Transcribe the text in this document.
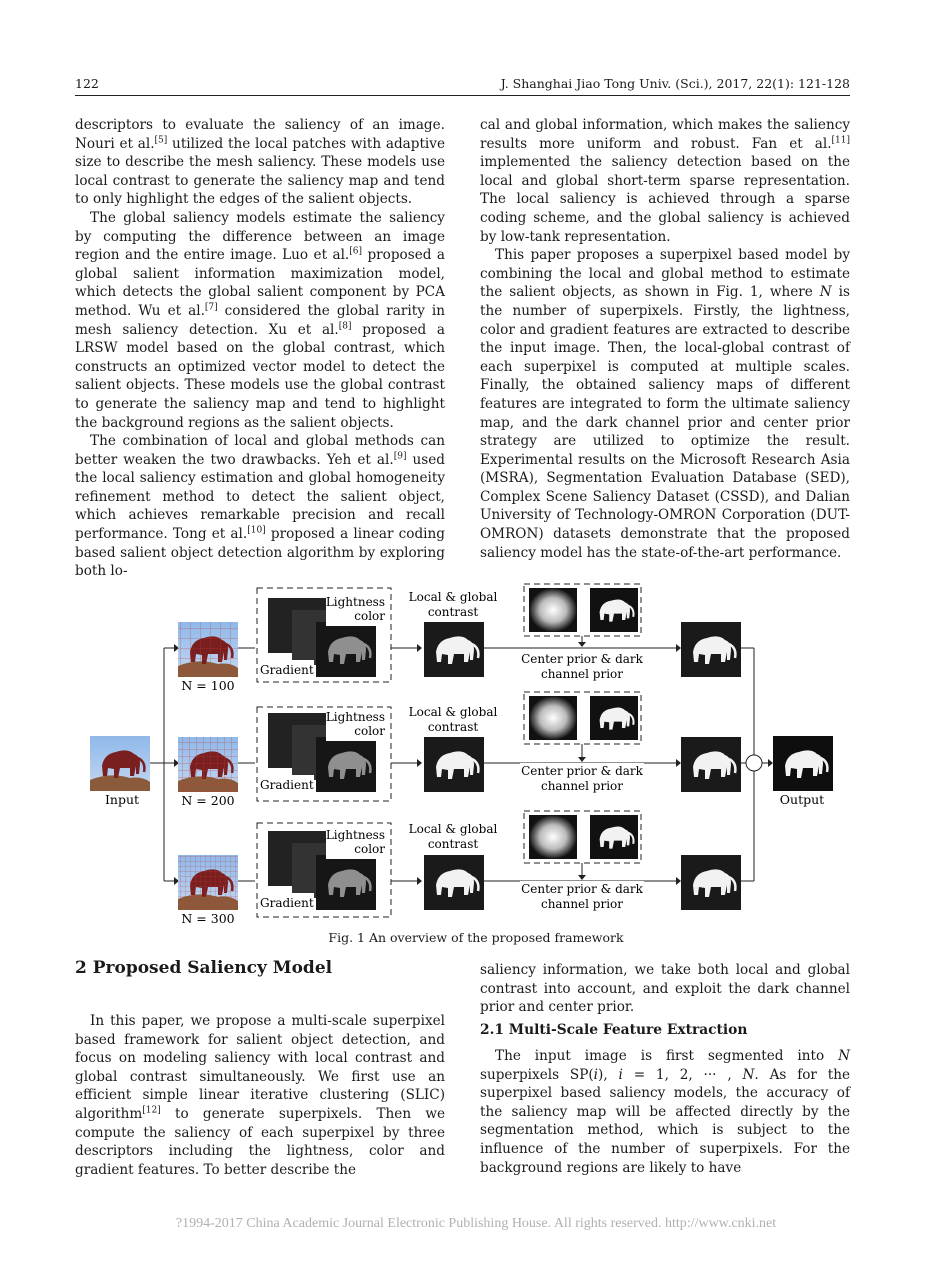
122	J. Shanghai Jiao Tong Univ. (Sci.), 2017, 22(1): 121-128

descriptors to evaluate the saliency of an image. Nouri et al.[5] utilized the local patches with adaptive size to describe the mesh saliency. These models use local contrast to generate the saliency map and tend to only highlight the edges of the salient objects.

The global saliency models estimate the saliency by computing the difference between an image region and the entire image. Luo et al.[6] proposed a global salient information maximization model, which detects the global salient component by PCA method. Wu et al.[7] considered the global rarity in mesh saliency detection. Xu et al.[8] proposed a LRSW model based on the global contrast, which constructs an optimized vector model to detect the salient objects. These models use the global contrast to generate the saliency map and tend to highlight the background regions as the salient objects.

The combination of local and global methods can better weaken the two drawbacks. Yeh et al.[9] used the local saliency estimation and global homogeneity refinement method to detect the salient object, which achieves remarkable precision and recall performance. Tong et al.[10] proposed a linear coding based salient object detection algorithm by exploring both lo-

cal and global information, which makes the saliency results more uniform and robust. Fan et al.[11] implemented the saliency detection based on the local and global short-term sparse representation. The local saliency is achieved through a sparse coding scheme, and the global saliency is achieved by low-tank representation.

This paper proposes a superpixel based model by combining the local and global method to estimate the salient objects, as shown in Fig. 1, where N is the number of superpixels. Firstly, the lightness, color and gradient features are extracted to describe the input image. Then, the local-global contrast of each superpixel is computed at multiple scales. Finally, the obtained saliency maps of different features are integrated to form the ultimate saliency map, and the dark channel prior and center prior strategy are utilized to optimize the result. Experimental results on the Microsoft Research Asia (MSRA), Segmentation Evaluation Database (SED), Complex Scene Saliency Dataset (CSSD), and Dalian University of Technology-OMRON Corporation (DUT-OMRON) datasets demonstrate that the proposed saliency model has the state-of-the-art performance.

Input
N = 100
Lightness
color
Gradient
Local & global
contrast
Center prior & dark
channel prior
N = 200
Lightness
color
Gradient
Local & global
contrast
Center prior & dark
channel prior
N = 300
Lightness
color
Gradient
Local & global
contrast
Center prior & dark
channel prior
Output
Fig. 1 An overview of the proposed framework
2 Proposed Saliency Model

In this paper, we propose a multi-scale superpixel based framework for salient object detection, and focus on modeling saliency with local contrast and global contrast simultaneously. We first use an efficient simple linear iterative clustering (SLIC) algorithm[12] to generate superpixels. Then we compute the saliency of each superpixel by three descriptors including the lightness, color and gradient features. To better describe the

saliency information, we take both local and global contrast into account, and exploit the dark channel prior and center prior.

2.1 Multi-Scale Feature Extraction

The input image is first segmented into N superpixels SP(i), i = 1, 2, ··· , N. As for the superpixel based saliency models, the accuracy of the saliency map will be affected directly by the segmentation method, which is subject to the influence of the number of superpixels. For the background regions are likely to have

?1994-2017 China Academic Journal Electronic Publishing House. All rights reserved. http://www.cnki.net
